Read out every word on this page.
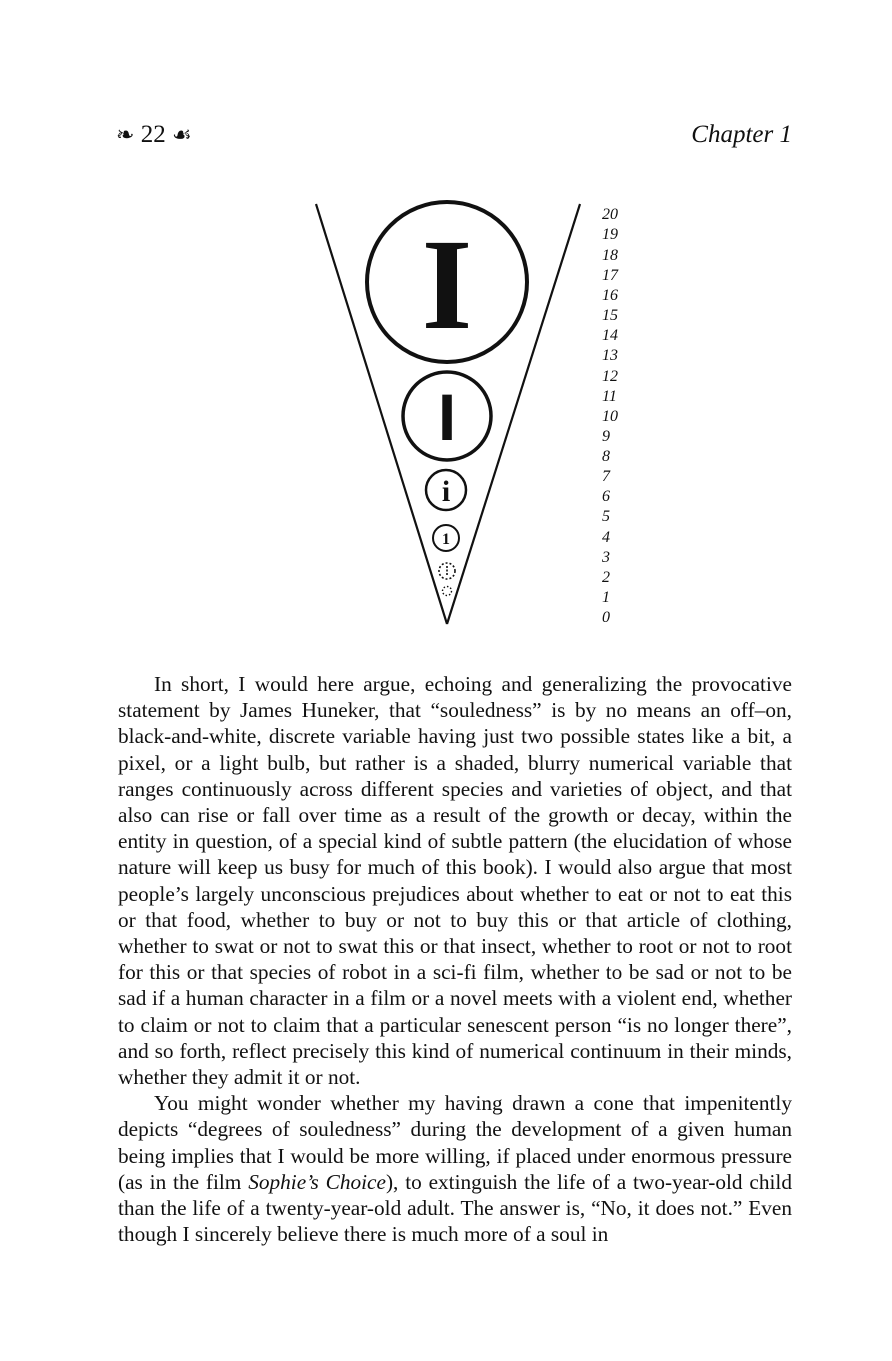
❧ 22 ☙	Chapter 1
I
I
i
1
20
19
18
17
16
15
14
13
12
11
10
9
8
7
6
5
4
3
2
1
0

In short, I would here argue, echoing and generalizing the provocative statement by James Huneker, that “souledness” is by no means an off–on, black-and-white, discrete variable having just two possible states like a bit, a pixel, or a light bulb, but rather is a shaded, blurry numerical variable that ranges continuously across different species and varieties of object, and that also can rise or fall over time as a result of the growth or decay, within the entity in question, of a special kind of subtle pattern (the elucidation of whose nature will keep us busy for much of this book). I would also argue that most people’s largely unconscious prejudices about whether to eat or not to eat this or that food, whether to buy or not to buy this or that article of clothing, whether to swat or not to swat this or that insect, whether to root or not to root for this or that species of robot in a sci-fi film, whether to be sad or not to be sad if a human character in a film or a novel meets with a violent end, whether to claim or not to claim that a particular senescent person “is no longer there”, and so forth, reflect precisely this kind of numerical continuum in their minds, whether they admit it or not.

You might wonder whether my having drawn a cone that impenitently depicts “degrees of souledness” during the development of a given human being implies that I would be more willing, if placed under enormous pressure (as in the film Sophie’s Choice), to extinguish the life of a two-year-old child than the life of a twenty-year-old adult. The answer is, “No, it does not.” Even though I sincerely believe there is much more of a soul in
